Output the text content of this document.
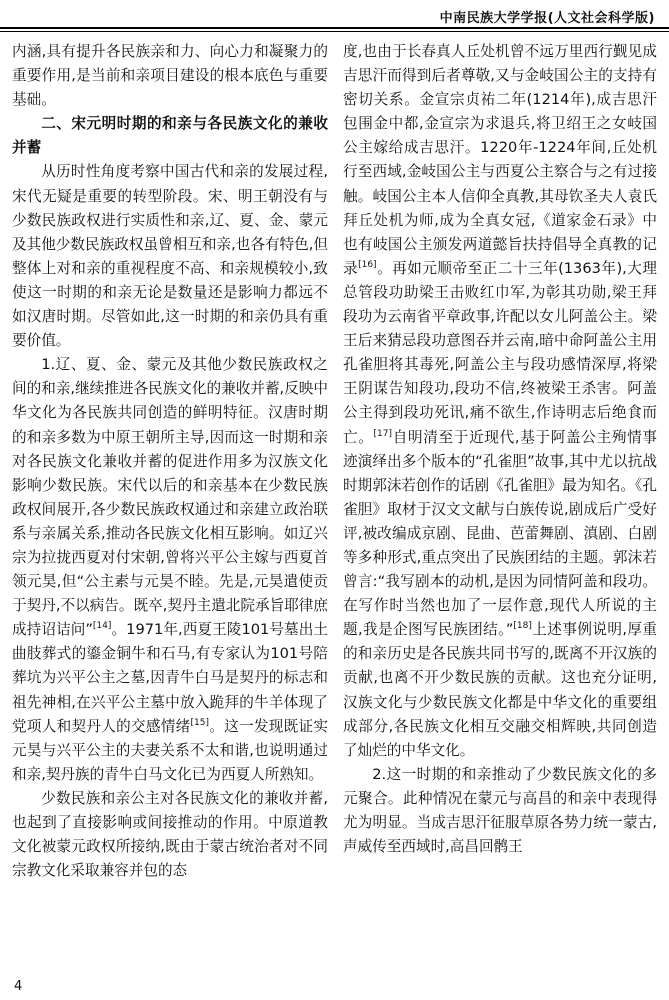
中南民族大学学报(人文社会科学版)

内涵,具有提升各民族亲和力、向心力和凝聚力的重要作用,是当前和亲项目建设的根本底色与重要基础。

二、宋元明时期的和亲与各民族文化的兼收并蓄

从历时性角度考察中国古代和亲的发展过程,宋代无疑是重要的转型阶段。宋、明王朝没有与少数民族政权进行实质性和亲,辽、夏、金、蒙元及其他少数民族政权虽曾相互和亲,也各有特色,但整体上对和亲的重视程度不高、和亲规模较小,致使这一时期的和亲无论是数量还是影响力都远不如汉唐时期。尽管如此,这一时期的和亲仍具有重要价值。

1.辽、夏、金、蒙元及其他少数民族政权之间的和亲,继续推进各民族文化的兼收并蓄,反映中华文化为各民族共同创造的鲜明特征。汉唐时期的和亲多数为中原王朝所主导,因而这一时期和亲对各民族文化兼收并蓄的促进作用多为汉族文化影响少数民族。宋代以后的和亲基本在少数民族政权间展开,各少数民族政权通过和亲建立政治联系与亲属关系,推动各民族文化相互影响。如辽兴宗为拉拢西夏对付宋朝,曾将兴平公主嫁与西夏首领元昊,但“公主素与元昊不睦。先是,元昊遣使贡于契丹,不以病告。既卒,契丹主遣北院承旨耶律庶成持诏诘问”[14]。1971年,西夏王陵101号墓出土曲肢葬式的鎏金铜牛和石马,有专家认为101号陪葬坑为兴平公主之墓,因青牛白马是契丹的标志和祖先神相,在兴平公主墓中放入跪拜的牛羊体现了党项人和契丹人的交感情绪[15]。这一发现既证实元昊与兴平公主的夫妻关系不太和谐,也说明通过和亲,契丹族的青牛白马文化已为西夏人所熟知。

少数民族和亲公主对各民族文化的兼收并蓄,也起到了直接影响或间接推动的作用。中原道教文化被蒙元政权所接纳,既由于蒙古统治者对不同宗教文化采取兼容并包的态

度,也由于长春真人丘处机曾不远万里西行觐见成吉思汗而得到后者尊敬,又与金岐国公主的支持有密切关系。金宣宗贞祐二年(1214年),成吉思汗包围金中都,金宣宗为求退兵,将卫绍王之女岐国公主嫁给成吉思汗。1220年-1224年间,丘处机行至西域,金岐国公主与西夏公主察合与之有过接触。岐国公主本人信仰全真教,其母钦圣夫人袁氏拜丘处机为师,成为全真女冠,《道家金石录》中也有岐国公主颁发两道懿旨扶持倡导全真教的记录[16]。再如元顺帝至正二十三年(1363年),大理总管段功助梁王击败红巾军,为彰其功勋,梁王拜段功为云南省平章政事,许配以女儿阿盖公主。梁王后来猜忌段功意图吞并云南,暗中命阿盖公主用孔雀胆将其毒死,阿盖公主与段功感情深厚,将梁王阴谋告知段功,段功不信,终被梁王杀害。阿盖公主得到段功死讯,痛不欲生,作诗明志后绝食而亡。[17]自明清至于近现代,基于阿盖公主殉情事迹演绎出多个版本的“孔雀胆”故事,其中尤以抗战时期郭沫若创作的话剧《孔雀胆》最为知名。《孔雀胆》取材于汉文文献与白族传说,剧成后广受好评,被改编成京剧、昆曲、芭蕾舞剧、滇剧、白剧等多种形式,重点突出了民族团结的主题。郭沫若曾言:“我写剧本的动机,是因为同情阿盖和段功。在写作时当然也加了一层作意,现代人所说的主题,我是企图写民族团结。”[18]上述事例说明,厚重的和亲历史是各民族共同书写的,既离不开汉族的贡献,也离不开少数民族的贡献。这也充分证明,汉族文化与少数民族文化都是中华文化的重要组成部分,各民族文化相互交融交相辉映,共同创造了灿烂的中华文化。

2.这一时期的和亲推动了少数民族文化的多元聚合。此种情况在蒙元与高昌的和亲中表现得尤为明显。当成吉思汗征服草原各势力统一蒙古,声威传至西域时,高昌回鹘王

4
